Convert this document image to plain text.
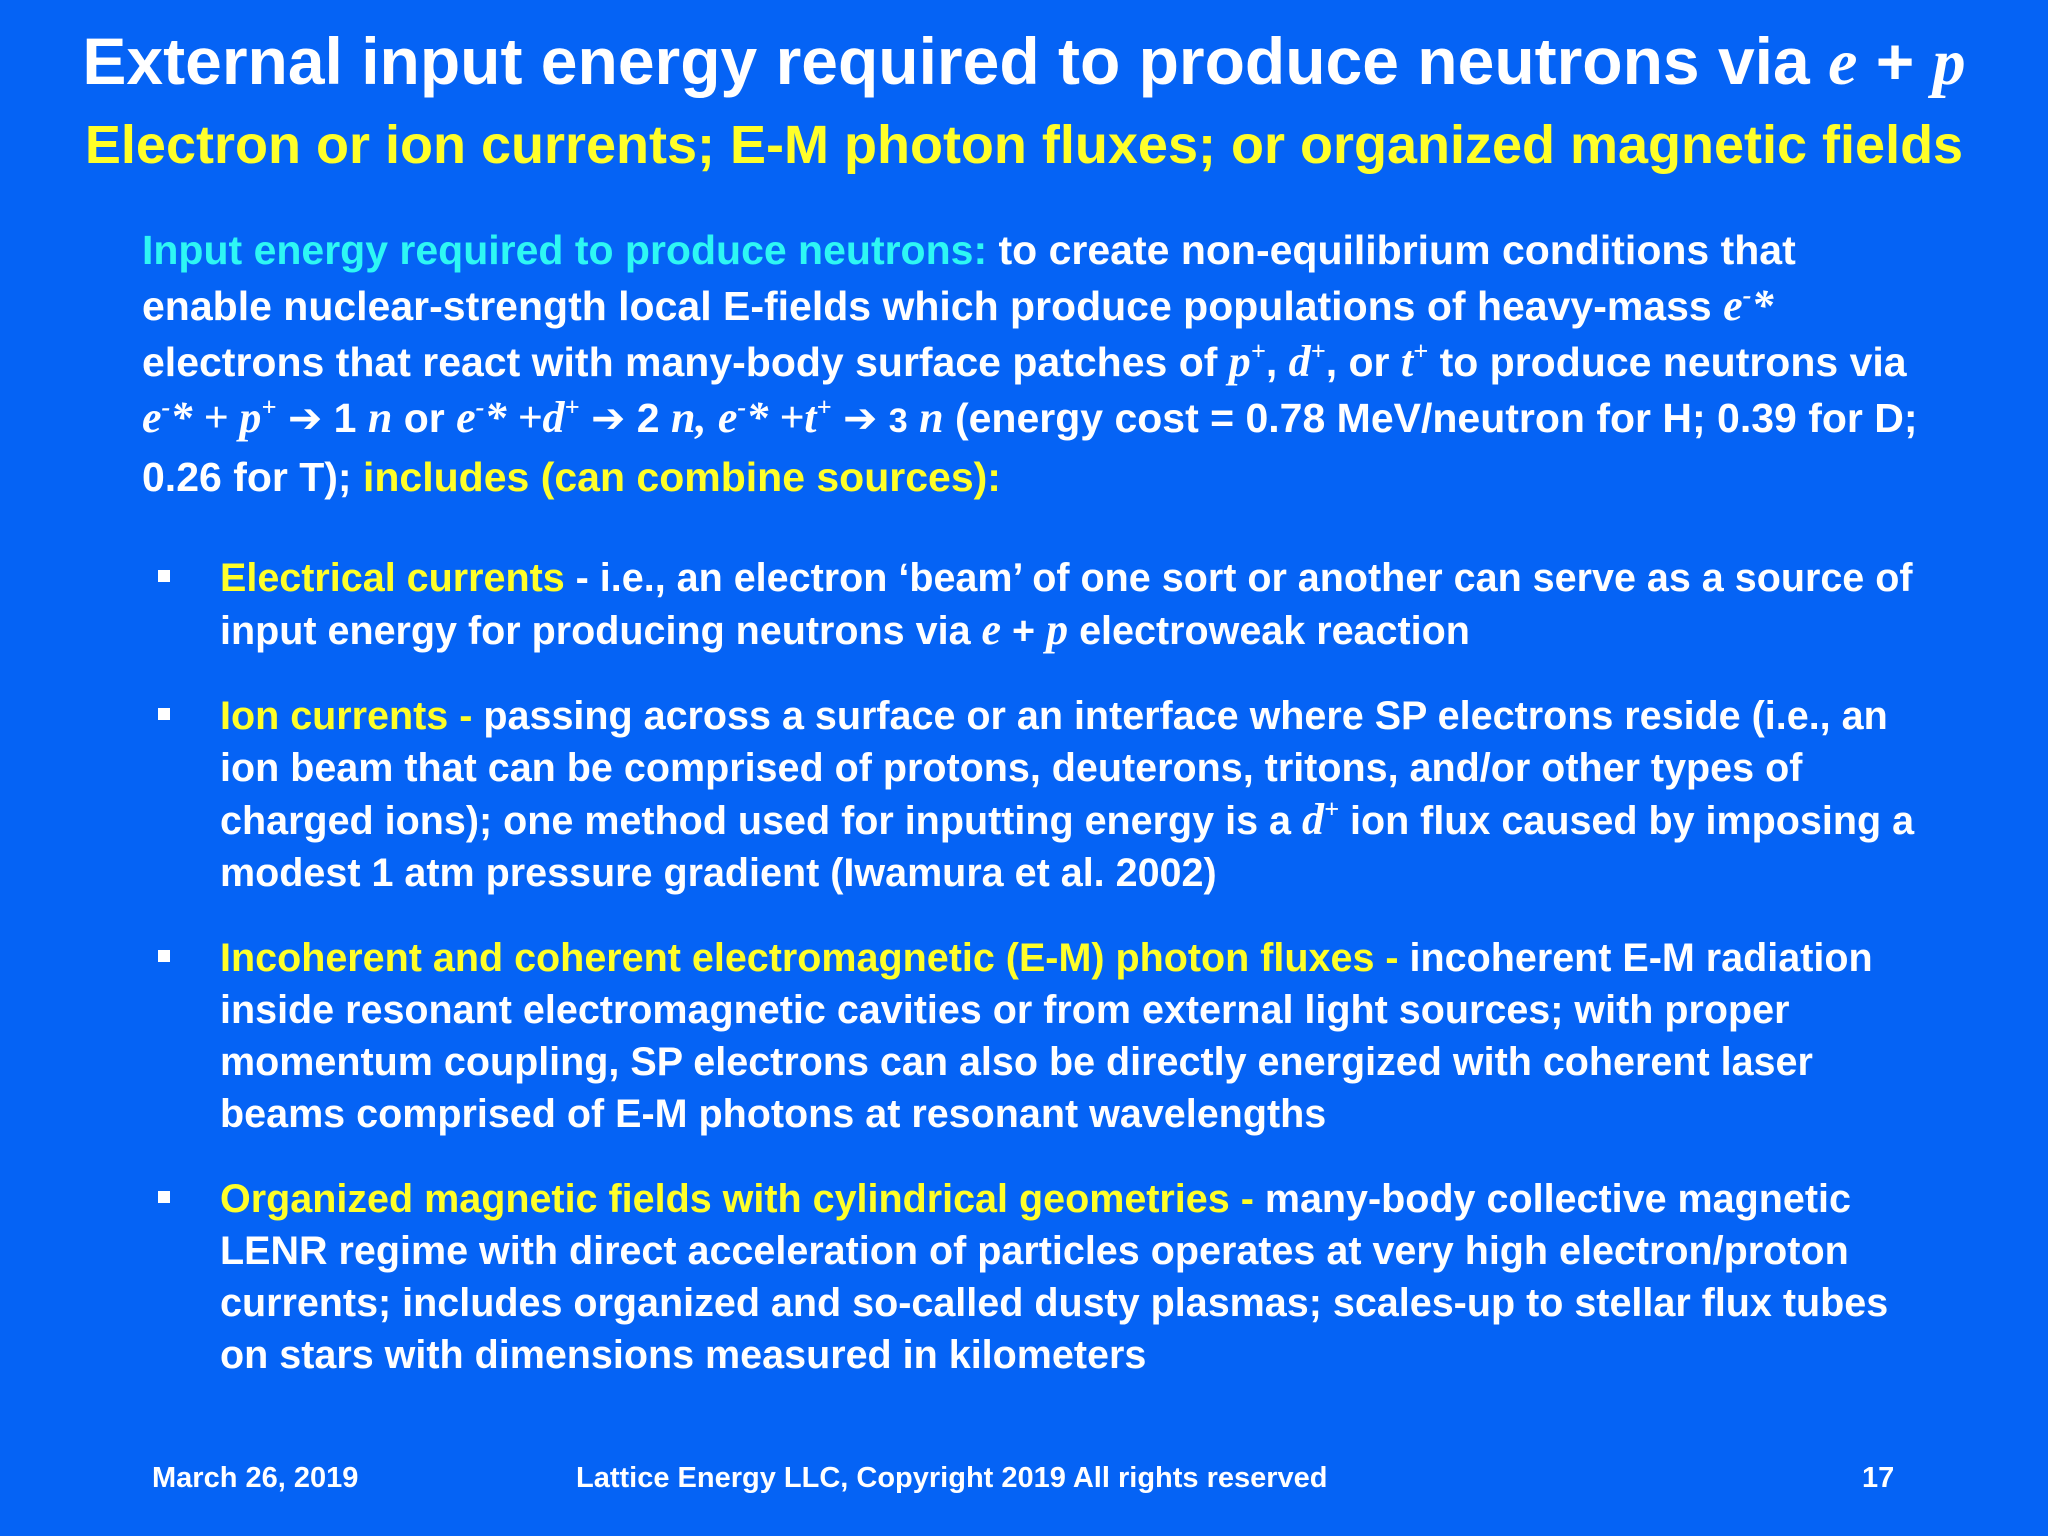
External input energy required to produce neutrons via e + p
Electron or ion currents; E-M photon fluxes; or organized magnetic fields
Input energy required to produce neutrons: to create non-equilibrium conditions that enable nuclear-strength local E-fields which produce populations of heavy-mass e-* electrons that react with many-body surface patches of p+, d+, or t+ to produce neutrons via e-* + p+ ➔ 1 n or e-* +d+ ➔ 2 n, e-* +t+ ➔ 3 n (energy cost = 0.78 MeV/neutron for H; 0.39 for D; 0.26 for T); includes (can combine sources):
Electrical currents - i.e., an electron ‘beam’ of one sort or another can serve as a source of input energy for producing neutrons via e + p electroweak reaction
Ion currents - passing across a surface or an interface where SP electrons reside (i.e., an ion beam that can be comprised of protons, deuterons, tritons, and/or other types of charged ions); one method used for inputting energy is a d+ ion flux caused by imposing a modest 1 atm pressure gradient (Iwamura et al. 2002)
Incoherent and coherent electromagnetic (E-M) photon fluxes - incoherent E-M radiation inside resonant electromagnetic cavities or from external light sources; with proper momentum coupling, SP electrons can also be directly energized with coherent laser beams comprised of E-M photons at resonant wavelengths
Organized magnetic fields with cylindrical geometries - many-body collective magnetic LENR regime with direct acceleration of particles operates at very high electron/proton currents; includes organized and so-called dusty plasmas; scales-up to stellar flux tubes on stars with dimensions measured in kilometers
March 26, 2019	Lattice Energy LLC, Copyright 2019 All rights reserved	17
